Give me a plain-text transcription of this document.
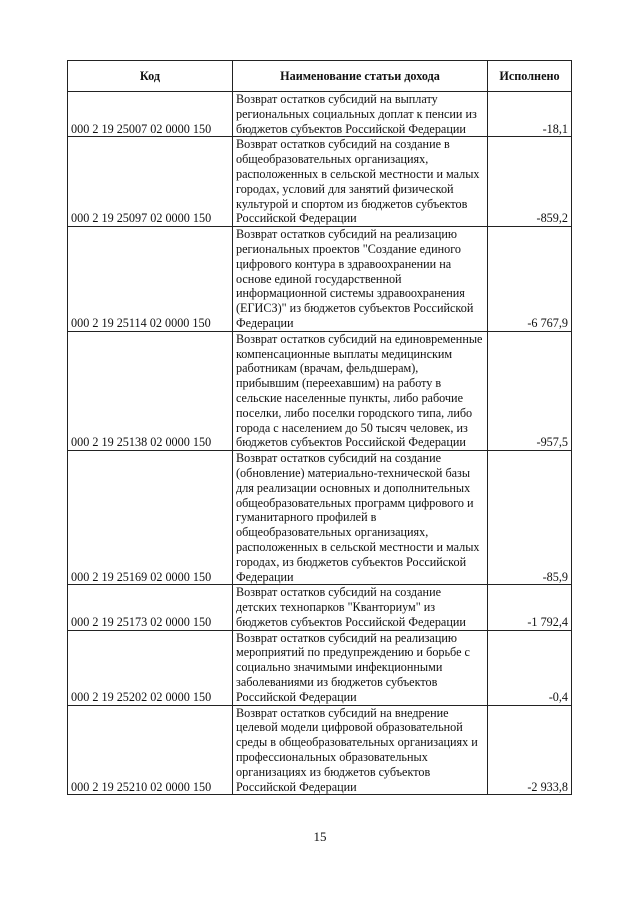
Код	Наименование статьи дохода	Исполнено
000 2 19 25007 02 0000 150	Возврат остатков субсидий на выплату региональных социальных доплат к пенсии из бюджетов субъектов Российской Федерации	-18,1
000 2 19 25097 02 0000 150	Возврат остатков субсидий на создание в общеобразовательных организациях, расположенных в сельской местности и малых городах, условий для занятий физической культурой и спортом из бюджетов субъектов Российской Федерации	-859,2
000 2 19 25114 02 0000 150	Возврат остатков субсидий на реализацию региональных проектов "Создание единого цифрового контура в здравоохранении на основе единой государственной информационной системы здравоохранения (ЕГИСЗ)" из бюджетов субъектов Российской Федерации	-6 767,9
000 2 19 25138 02 0000 150	Возврат остатков субсидий на единовременные компенсационные выплаты медицинским работникам (врачам, фельдшерам), прибывшим (переехавшим) на работу в сельские населенные пункты, либо рабочие поселки, либо поселки городского типа, либо города с населением до 50 тысяч человек, из бюджетов субъектов Российской Федерации	-957,5
000 2 19 25169 02 0000 150	Возврат остатков субсидий на создание (обновление) материально-технической базы для реализации основных и дополнительных общеобразовательных программ цифрового и гуманитарного профилей в общеобразовательных организациях, расположенных в сельской местности и малых городах, из бюджетов субъектов Российской Федерации	-85,9
000 2 19 25173 02 0000 150	Возврат остатков субсидий на создание детских технопарков "Кванториум" из бюджетов субъектов Российской Федерации	-1 792,4
000 2 19 25202 02 0000 150	Возврат остатков субсидий на реализацию мероприятий по предупреждению и борьбе с социально значимыми инфекционными заболеваниями из бюджетов субъектов Российской Федерации	-0,4
000 2 19 25210 02 0000 150	Возврат остатков субсидий на внедрение целевой модели цифровой образовательной среды в общеобразовательных организациях и профессиональных образовательных организациях из бюджетов субъектов Российской Федерации	-2 933,8
15
